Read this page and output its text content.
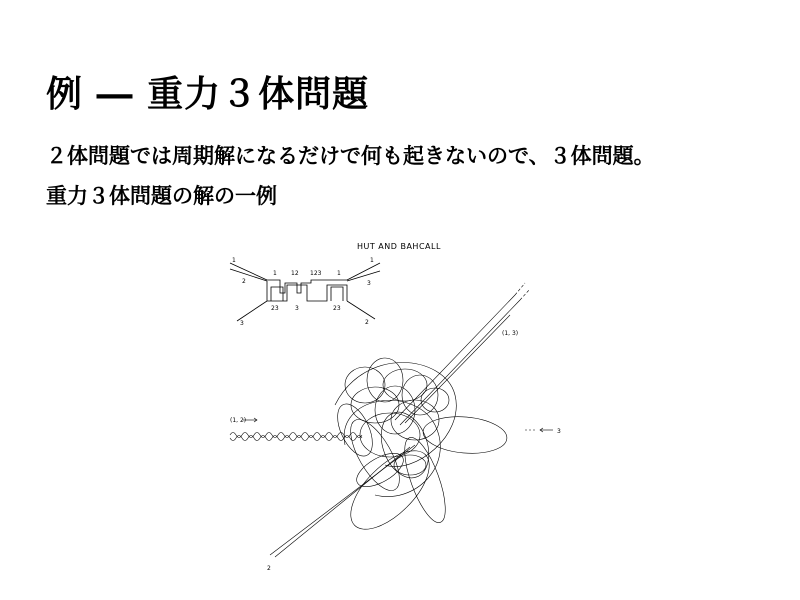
例 ― 重力３体問題
２体問題では周期解になるだけで何も起きないので、３体問題。
重力３体問題の解の一例
HUT AND BAHCALL
1
2
3
1
3
2
1 12 123	1
23	3	23
(1, 2)
3
(1, 3)
2
